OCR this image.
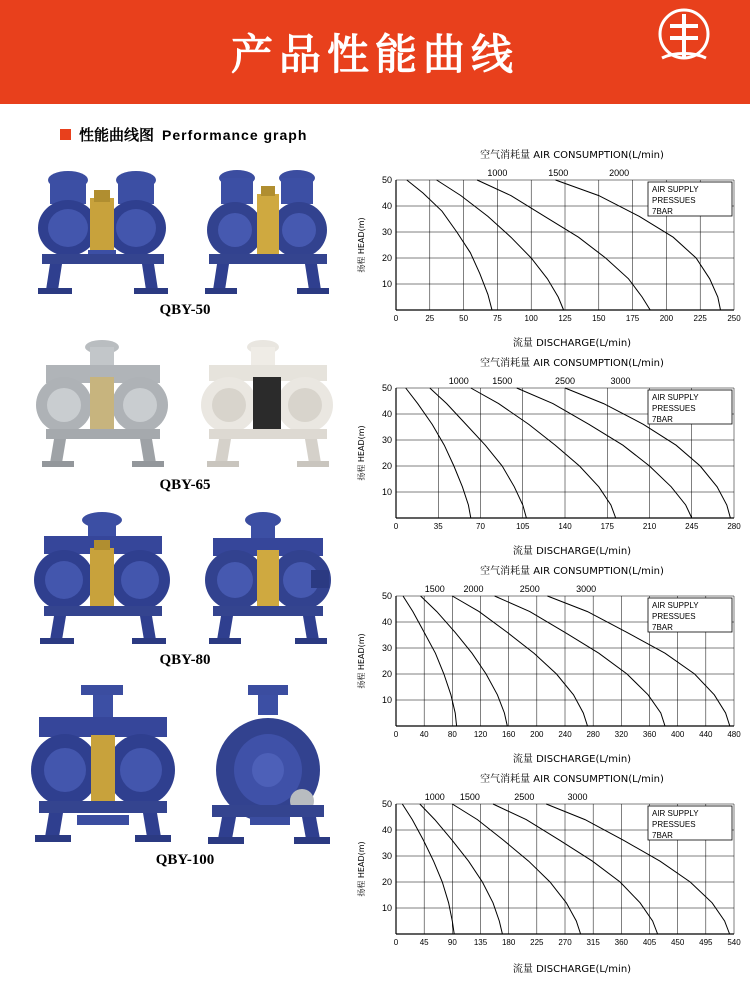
产品性能曲线
性能曲线图 Performance graph
QBY-50
QBY-65
QBY-80
QBY-100
空气消耗量 AIR CONSUMPTION(L/min)
0	25	50	75	100	125	150	175	200	225	250
10
20
30
40
50
扬程 HEAD(m)
1000	1500	2000
AIR SUPPLY
PRESSUES
7BAR
流量 DISCHARGE(L/min)
空气消耗量 AIR CONSUMPTION(L/min)
0	35	70	105	140	175	210	245	280
10
20
30
40
50
扬程 HEAD(m)
1000	1500	2500	3000
AIR SUPPLY
PRESSUES
7BAR
流量 DISCHARGE(L/min)
空气消耗量 AIR CONSUMPTION(L/min)
0	40 80 120 160 200 240 280 320 360 400 440 480
10
20
30
40
50
扬程 HEAD(m)
1500 2000	2500	3000
AIR SUPPLY
PRESSUES
7BAR
流量 DISCHARGE(L/min)
空气消耗量 AIR CONSUMPTION(L/min)
0	45 90 135 180 225 270 315 360 405 450 495 540
10
20
30
40
50
扬程 HEAD(m)
1000 1500	2500	3000
AIR SUPPLY
PRESSUES
7BAR
流量 DISCHARGE(L/min)
